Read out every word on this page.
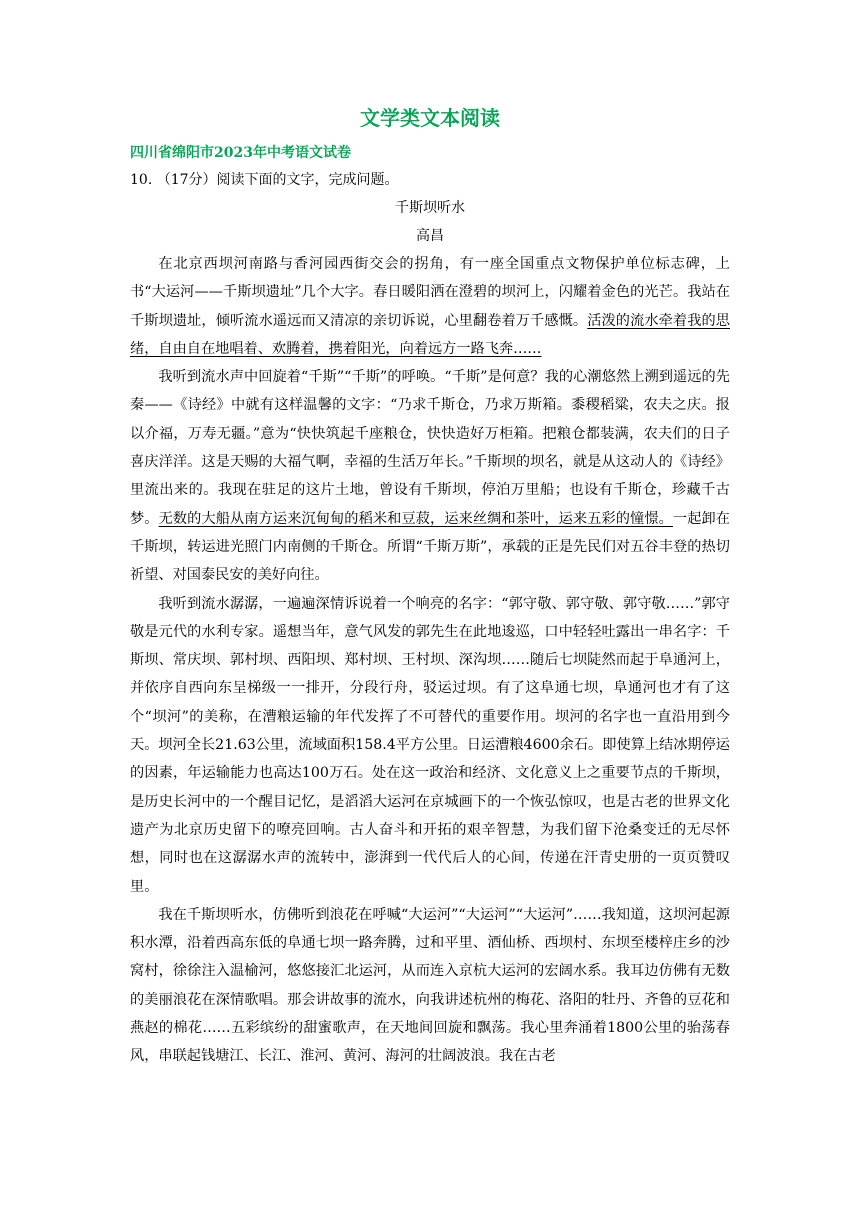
文学类文本阅读

四川省绵阳市2023年中考语文试卷

10. （17分）阅读下面的文字，完成问题。

千斯坝听水

高昌

在北京西坝河南路与香河园西街交会的拐角，有一座全国重点文物保护单位标志碑，上书“大运河——千斯坝遗址”几个大字。春日暖阳洒在澄碧的坝河上，闪耀着金色的光芒。我站在千斯坝遗址，倾听流水遥远而又清凉的亲切诉说，心里翻卷着万千感慨。活泼的流水牵着我的思绪，自由自在地唱着、欢腾着，携着阳光，向着远方一路飞奔……

我听到流水声中回旋着“千斯”“千斯”的呼唤。“千斯”是何意？我的心潮悠然上溯到遥远的先秦——《诗经》中就有这样温馨的文字：“乃求千斯仓，乃求万斯箱。黍稷稻粱，农夫之庆。报以介福，万寿无疆。”意为“快快筑起千座粮仓，快快造好万柜箱。把粮仓都装满，农夫们的日子喜庆洋洋。这是天赐的大福气啊，幸福的生活万年长。”千斯坝的坝名，就是从这动人的《诗经》里流出来的。我现在驻足的这片土地，曾设有千斯坝，停泊万里船；也设有千斯仓，珍藏千古梦。无数的大船从南方运来沉甸甸的稻米和豆菽，运来丝绸和茶叶，运来五彩的憧憬。一起卸在千斯坝，转运进光照门内南侧的千斯仓。所谓“千斯万斯”，承载的正是先民们对五谷丰登的热切祈望、对国泰民安的美好向往。

我听到流水潺潺，一遍遍深情诉说着一个响亮的名字：“郭守敬、郭守敬、郭守敬……”郭守敬是元代的水利专家。遥想当年，意气风发的郭先生在此地逡巡，口中轻轻吐露出一串名字：千斯坝、常庆坝、郭村坝、西阳坝、郑村坝、王村坝、深沟坝……随后七坝陡然而起于阜通河上，并依序自西向东呈梯级一一排开，分段行舟，驳运过坝。有了这阜通七坝，阜通河也才有了这个“坝河”的美称，在漕粮运输的年代发挥了不可替代的重要作用。坝河的名字也一直沿用到今天。坝河全长21.63公里，流域面积158.4平方公里。日运漕粮4600余石。即使算上结冰期停运的因素，年运输能力也高达100万石。处在这一政治和经济、文化意义上之重要节点的千斯坝，是历史长河中的一个醒目记忆，是滔滔大运河在京城画下的一个恢弘惊叹，也是古老的世界文化遗产为北京历史留下的嘹亮回响。古人奋斗和开拓的艰辛智慧，为我们留下沧桑变迁的无尽怀想，同时也在这潺潺水声的流转中，澎湃到一代代后人的心间，传递在汗青史册的一页页赞叹里。

我在千斯坝听水，仿佛听到浪花在呼喊“大运河”“大运河”“大运河”……我知道，这坝河起源积水潭，沿着西高东低的阜通七坝一路奔腾，过和平里、酒仙桥、西坝村、东坝至楼梓庄乡的沙窝村，徐徐注入温榆河，悠悠接汇北运河，从而连入京杭大运河的宏阔水系。我耳边仿佛有无数的美丽浪花在深情歌唱。那会讲故事的流水，向我讲述杭州的梅花、洛阳的牡丹、齐鲁的豆花和燕赵的棉花……五彩缤纷的甜蜜歌声，在天地间回旋和飘荡。我心里奔涌着1800公里的骀荡春风，串联起钱塘江、长江、淮河、黄河、海河的壮阔波浪。我在古老
